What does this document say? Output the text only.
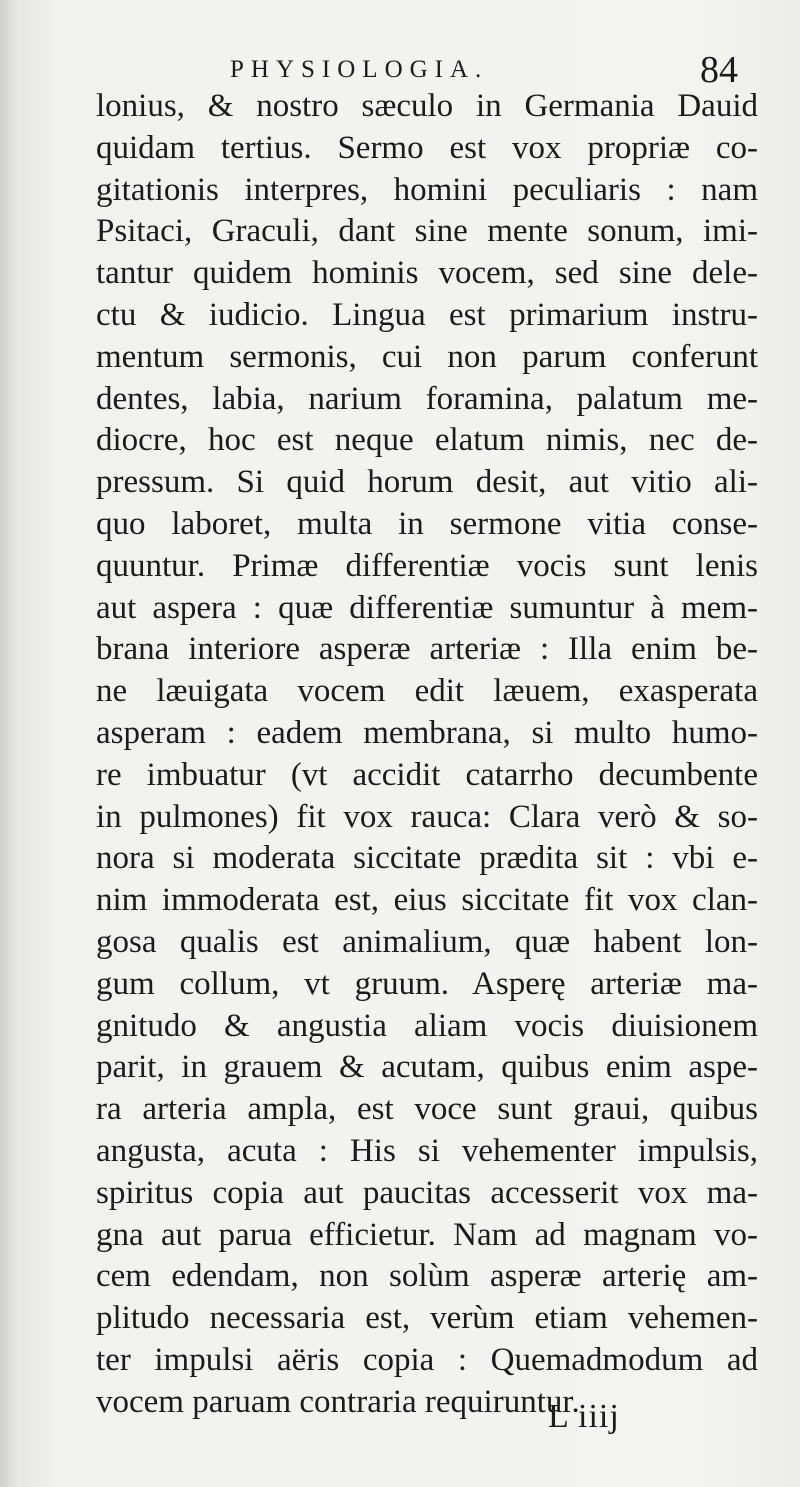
PHYSIOLOGIA.	84
lonius, & nostro sæculo in Germania Dauid
quidam tertius. Sermo est vox propriæ co-
gitationis interpres, homini peculiaris : nam
Psitaci, Graculi, dant sine mente sonum, imi-
tantur quidem hominis vocem, sed sine dele-
ctu & iudicio. Lingua est primarium instru-
mentum sermonis, cui non parum conferunt
dentes, labia, narium foramina, palatum me-
diocre, hoc est neque elatum nimis, nec de-
pressum. Si quid horum desit, aut vitio ali-
quo laboret, multa in sermone vitia conse-
quuntur. Primæ differentiæ vocis sunt lenis
aut aspera : quæ differentiæ sumuntur à mem-
brana interiore asperæ arteriæ : Illa enim be-
ne læuigata vocem edit læuem, exasperata
asperam : eadem membrana, si multo humo-
re imbuatur (vt accidit catarrho decumbente
in pulmones) fit vox rauca: Clara verò & so-
nora si moderata siccitate prædita sit : vbi e-
nim immoderata est, eius siccitate fit vox clan-
gosa qualis est animalium, quæ habent lon-
gum collum, vt gruum. Asperę arteriæ ma-
gnitudo & angustia aliam vocis diuisionem
parit, in grauem & acutam, quibus enim aspe-
ra arteria ampla, est voce sunt graui, quibus
angusta, acuta : His si vehementer impulsis,
spiritus copia aut paucitas accesserit vox ma-
gna aut parua efficietur. Nam ad magnam vo-
cem edendam, non solùm asperæ arterię am-
plitudo necessaria est, verùm etiam vehemen-
ter impulsi aëris copia : Quemadmodum ad
vocem paruam contraria requiruntur.
L iiij
